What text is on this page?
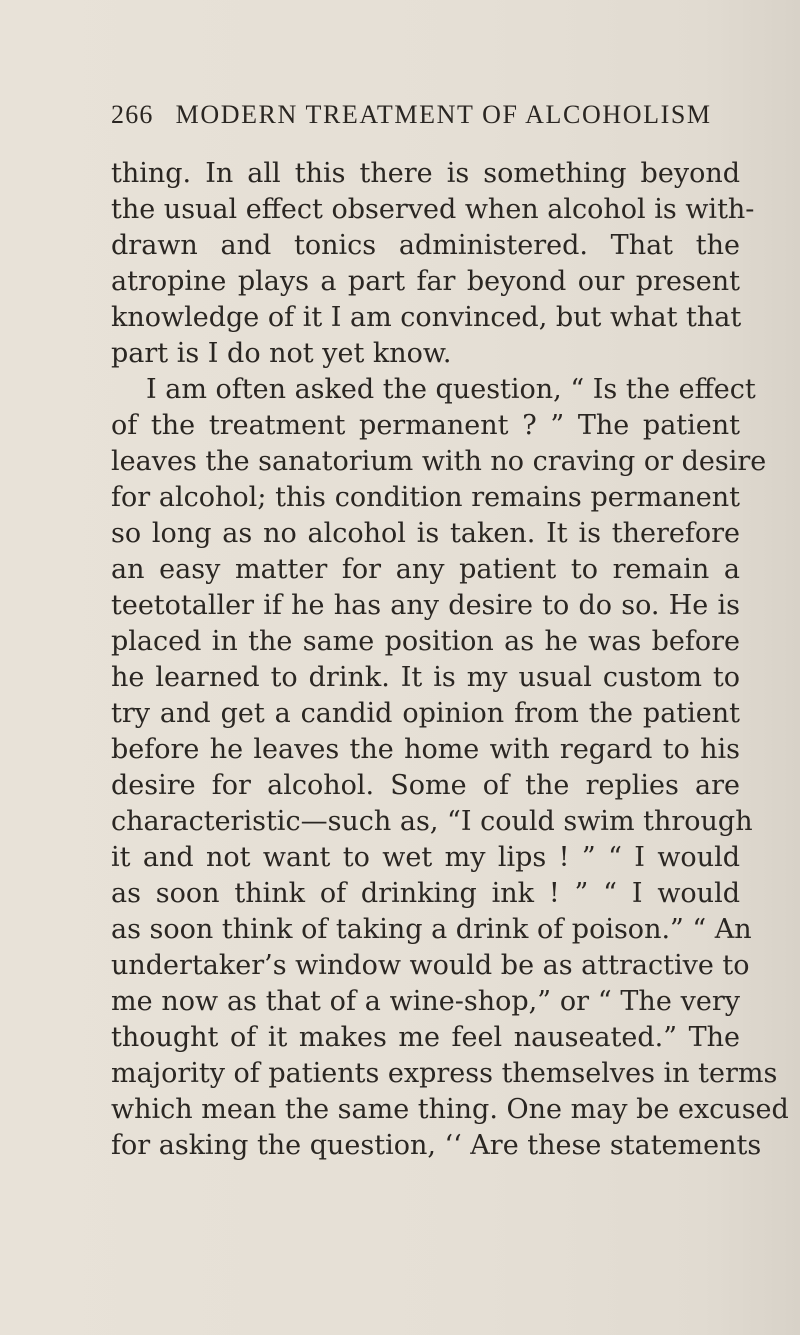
266 MODERN TREATMENT OF ALCOHOLISM
thing. In all this there is something beyond
the usual effect observed when alcohol is with-
drawn and tonics administered. That the
atropine plays a part far beyond our present
knowledge of it I am convinced, but what that
part is I do not yet know.
I am often asked the question, “ Is the effect
of the treatment permanent ? ” The patient
leaves the sanatorium with no craving or desire
for alcohol; this condition remains permanent
so long as no alcohol is taken. It is therefore
an easy matter for any patient to remain a
teetotaller if he has any desire to do so. He is
placed in the same position as he was before
he learned to drink. It is my usual custom to
try and get a candid opinion from the patient
before he leaves the home with regard to his
desire for alcohol. Some of the replies are
characteristic—such as, “I could swim through
it and not want to wet my lips ! ” “ I would
as soon think of drinking ink ! ” “ I would
as soon think of taking a drink of poison.” “ An
undertaker’s window would be as attractive to
me now as that of a wine-shop,” or “ The very
thought of it makes me feel nauseated.” The
majority of patients express themselves in terms
which mean the same thing. One may be excused
for asking the question, ‘‘ Are these statements
